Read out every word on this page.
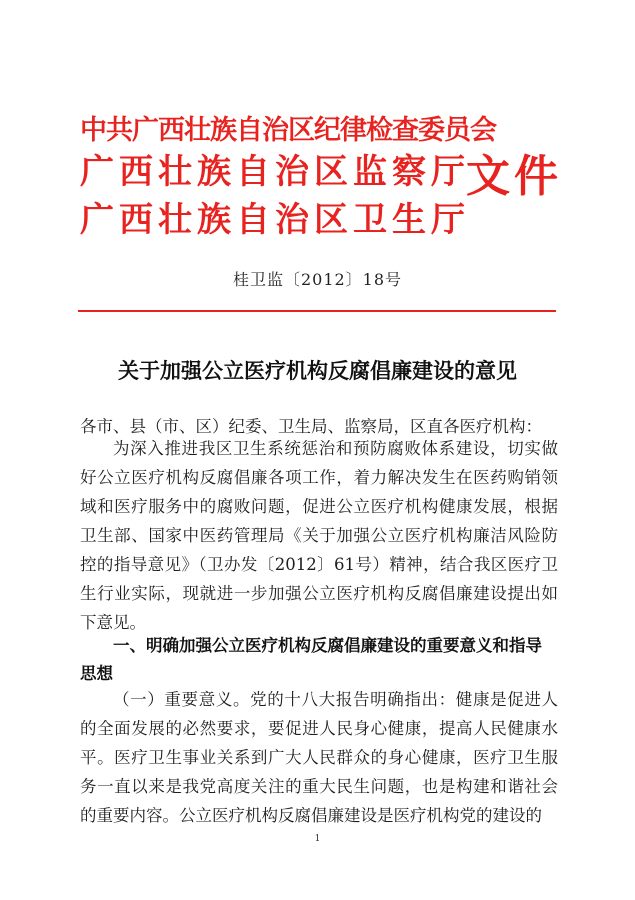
中共广西壮族自治区纪律检查委员会
广西壮族自治区监察厅
广西壮族自治区卫生厅
文件
桂卫监〔2012〕18号
关于加强公立医疗机构反腐倡廉建设的意见
各市、县（市、区）纪委、卫生局、监察局，区直各医疗机构：
为深入推进我区卫生系统惩治和预防腐败体系建设，切实做好公立医疗机构反腐倡廉各项工作，着力解决发生在医药购销领域和医疗服务中的腐败问题，促进公立医疗机构健康发展，根据卫生部、国家中医药管理局《关于加强公立医疗机构廉洁风险防控的指导意见》（卫办发〔2012〕61号）精神，结合我区医疗卫生行业实际，现就进一步加强公立医疗机构反腐倡廉建设提出如下意见。
一、明确加强公立医疗机构反腐倡廉建设的重要意义和指导思想
（一）重要意义。党的十八大报告明确指出：健康是促进人的全面发展的必然要求，要促进人民身心健康，提高人民健康水平。医疗卫生事业关系到广大人民群众的身心健康，医疗卫生服务一直以来是我党高度关注的重大民生问题，也是构建和谐社会的重要内容。公立医疗机构反腐倡廉建设是医疗机构党的建设的
1
